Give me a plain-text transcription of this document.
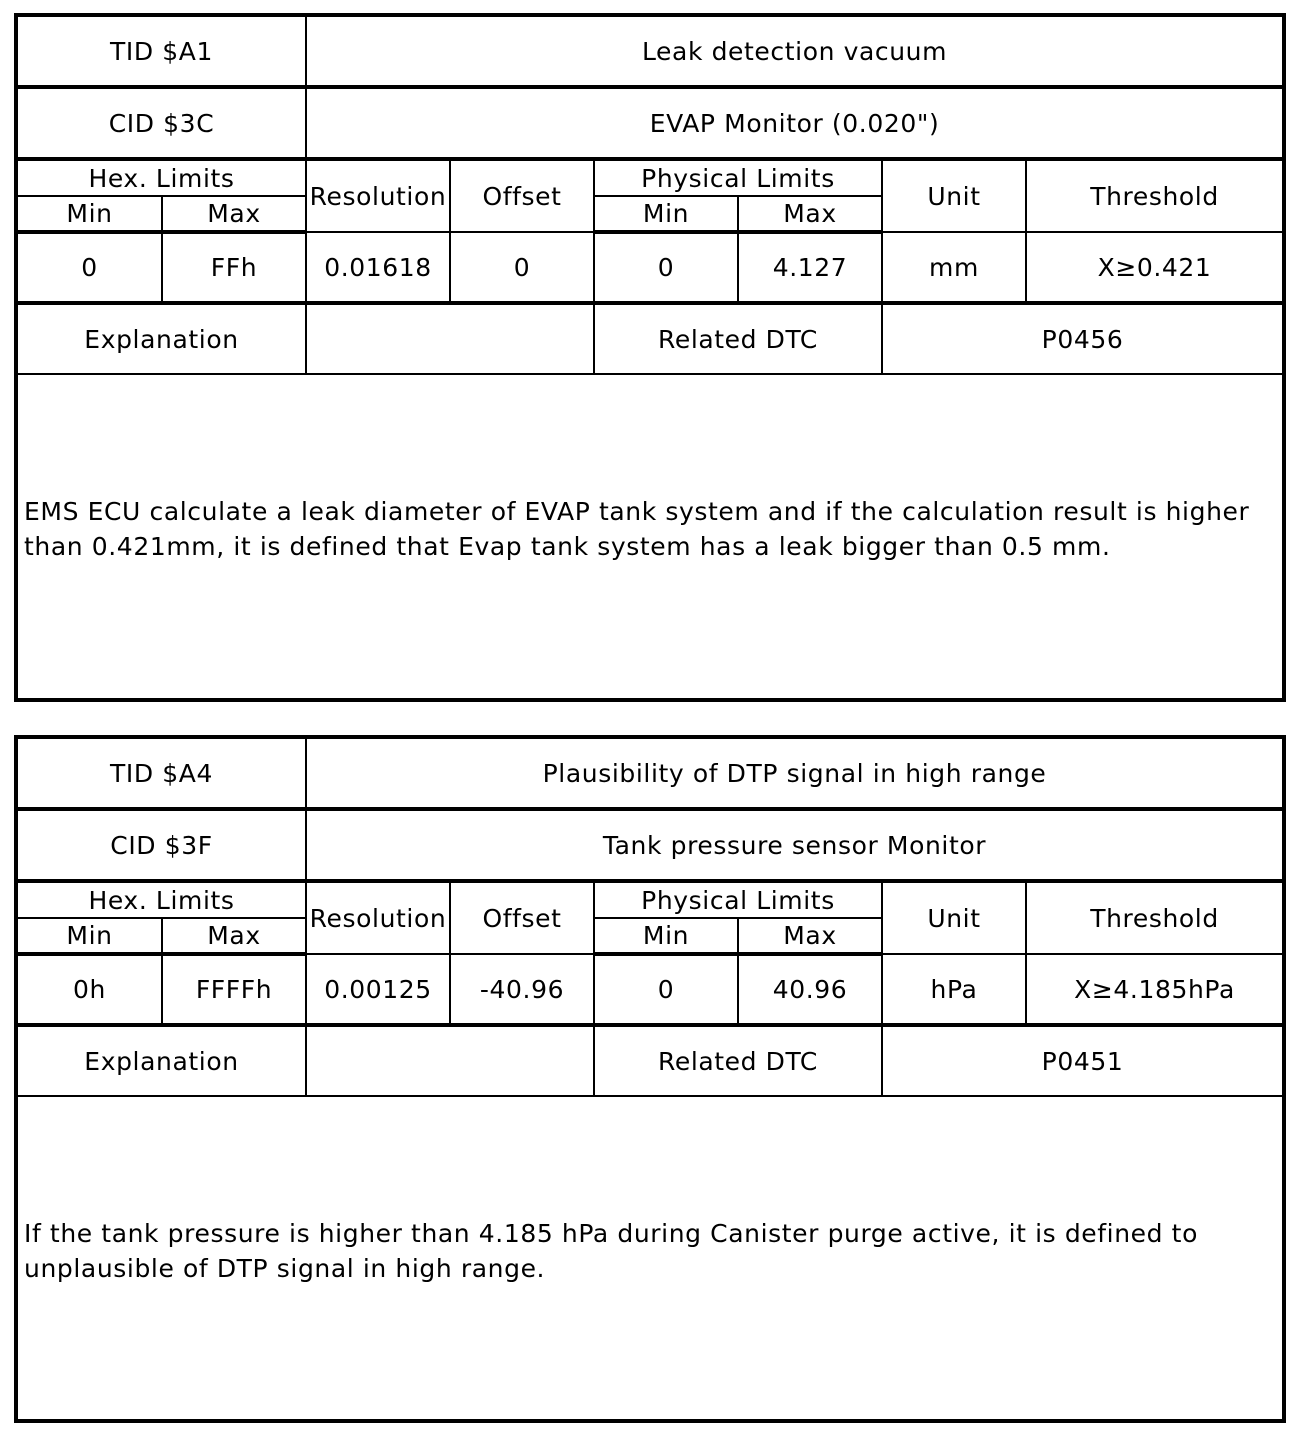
TID $A1		Leak detection vacuum					
CID $3C		EVAP Monitor (0.020")					
Hex. Limits		Resolution	Offset	Physical Limits		Unit	Threshold
Min	Max			Min	Max		
0	FFh	0.01618	0	0	4.127	mm	X≥0.421
Explanation				Related DTC		P0456	
EMS ECU calculate a leak diameter of EVAP tank system and if the calculation result is higher than 0.421mm, it is defined that Evap tank system has a leak bigger than 0.5 mm.
TID $A4		Plausibility of DTP signal in high range					
CID $3F		Tank pressure sensor Monitor					
Hex. Limits		Resolution	Offset	Physical Limits		Unit	Threshold
Min	Max			Min	Max		
0h	FFFFh	0.00125	-40.96	0	40.96	hPa	X≥4.185hPa
Explanation				Related DTC		P0451	
If the tank pressure is higher than 4.185 hPa during Canister purge active, it is defined to unplausible of DTP signal in high range.
